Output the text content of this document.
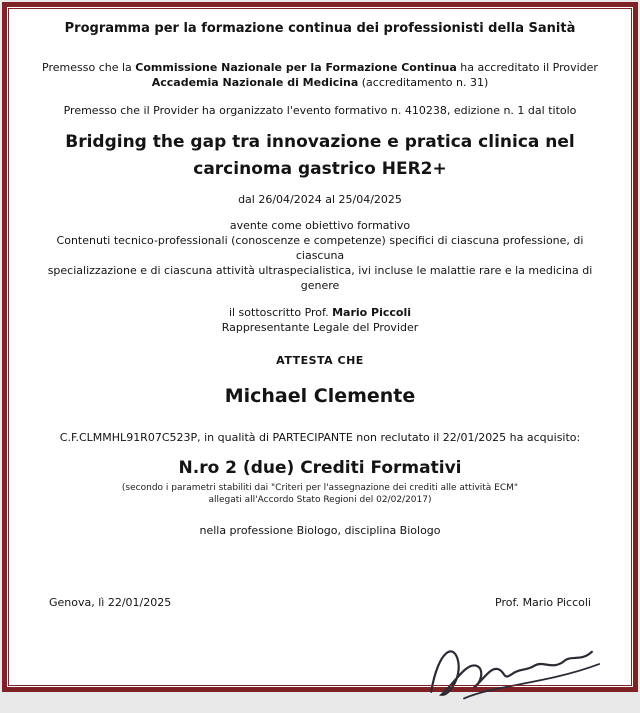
Programma per la formazione continua dei professionisti della Sanità

Premesso che la Commissione Nazionale per la Formazione Continua ha accreditato il Provider
Accademia Nazionale di Medicina (accreditamento n. 31)

Premesso che il Provider ha organizzato l'evento formativo n. 410238, edizione n. 1 dal titolo

Bridging the gap tra innovazione e pratica clinica nel
carcinoma gastrico HER2+

dal 26/04/2024 al 25/04/2025

avente come obiettivo formativo
Contenuti tecnico-professionali (conoscenze e competenze) specifici di ciascuna professione, di ciascuna
specializzazione e di ciascuna attività ultraspecialistica, ivi incluse le malattie rare e la medicina di genere

il sottoscritto Prof. Mario Piccoli
Rappresentante Legale del Provider

ATTESTA CHE

Michael Clemente

C.F.CLMMHL91R07C523P, in qualità di PARTECIPANTE non reclutato il 22/01/2025 ha acquisito:

N.ro 2 (due) Crediti Formativi

(secondo i parametri stabiliti dai "Criteri per l'assegnazione dei crediti alle attività ECM"
allegati all'Accordo Stato Regioni del 02/02/2017)

nella professione Biologo, disciplina Biologo

Genova, lì 22/01/2025	Prof. Mario Piccoli
